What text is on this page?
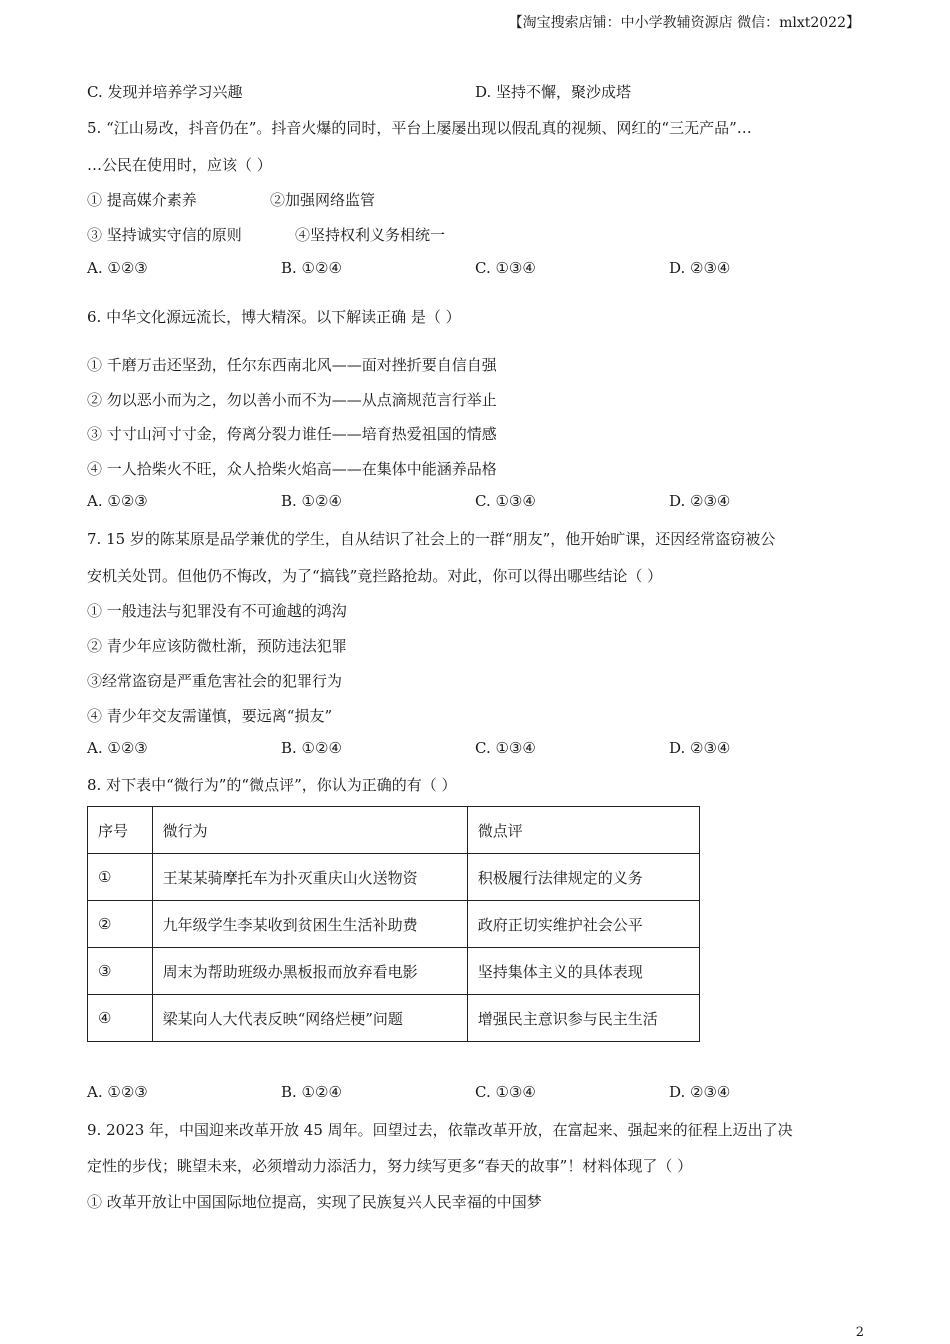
【淘宝搜索店铺：中小学教辅资源店 微信：mlxt2022】
C. 发现并培养学习兴趣	D. 坚持不懈，聚沙成塔
5. “江山易改，抖音仍在”。抖音火爆的同时，平台上屡屡出现以假乱真的视频、网红的“三无产品”…
…公民在使用时，应该（ ）
① 提高媒介素养	②加强网络监管
③ 坚持诚实守信的原则	④坚持权利义务相统一
A. ①②③	B. ①②④	C. ①③④	D. ②③④
6. 中华文化源远流长，博大精深。以下解读正确 是（ ）
① 千磨万击还坚劲，任尔东西南北风——面对挫折要自信自强
② 勿以恶小而为之，勿以善小而不为——从点滴规范言行举止
③ 寸寸山河寸寸金，侉离分裂力谁任——培育热爱祖国的情感
④ 一人拾柴火不旺，众人拾柴火焰高——在集体中能涵养品格
A. ①②③	B. ①②④	C. ①③④	D. ②③④
7. 15 岁的陈某原是品学兼优的学生，自从结识了社会上的一群“朋友”，他开始旷课，还因经常盗窃被公
安机关处罚。但他仍不悔改，为了“搞钱”竟拦路抢劫。对此，你可以得出哪些结论（ ）
① 一般违法与犯罪没有不可逾越的鸿沟
② 青少年应该防微杜渐，预防违法犯罪
③经常盗窃是严重危害社会的犯罪行为
④ 青少年交友需谨慎，要远离“损友”
A. ①②③	B. ①②④	C. ①③④	D. ②③④
8. 对下表中“微行为”的“微点评”，你认为正确的有（ ）
序号	微行为	微点评
①	王某某骑摩托车为扑灭重庆山火送物资	积极履行法律规定的义务
②	九年级学生李某收到贫困生生活补助费	政府正切实维护社会公平
③	周末为帮助班级办黑板报而放弃看电影	坚持集体主义的具体表现
④	梁某向人大代表反映“网络烂梗”问题	增强民主意识参与民主生活
A. ①②③	B. ①②④	C. ①③④	D. ②③④
9. 2023 年，中国迎来改革开放 45 周年。回望过去，依靠改革开放，在富起来、强起来的征程上迈出了决
定性的步伐；眺望未来，必须增动力添活力，努力续写更多“春天的故事”！材料体现了（ ）
① 改革开放让中国国际地位提高，实现了民族复兴人民幸福的中国梦
2
